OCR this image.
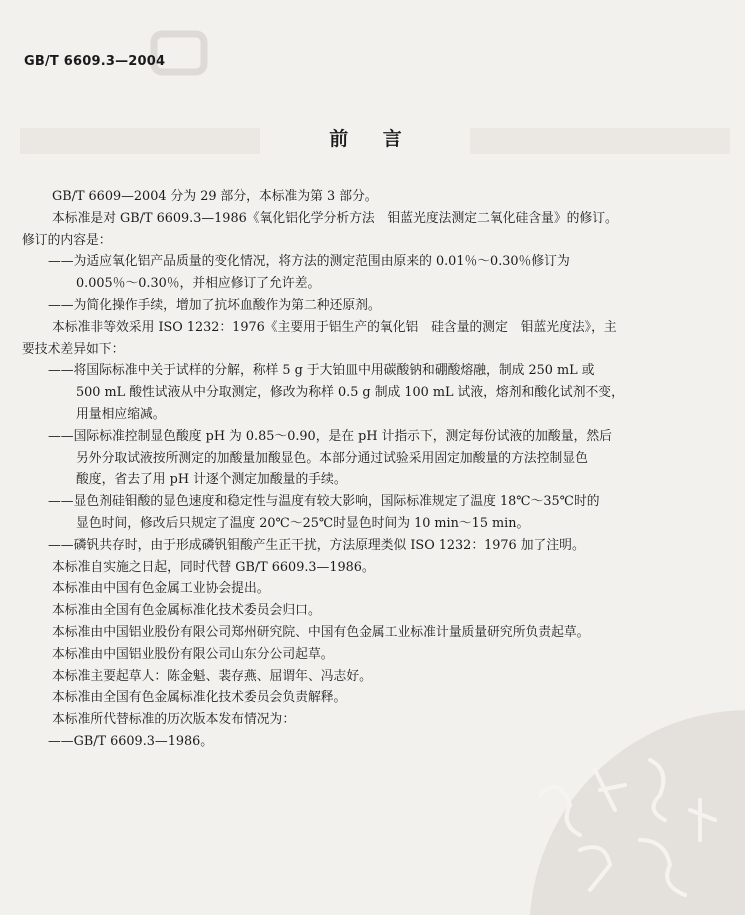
GB/T 6609.3—2004
前 言

GB/T 6609—2004 分为 29 部分，本标准为第 3 部分。

本标准是对 GB/T 6609.3—1986《氧化铝化学分析方法　钼蓝光度法测定二氧化硅含量》的修订。

修订的内容是：

——为适应氧化铝产品质量的变化情况，将方法的测定范围由原来的 0.01％～0.30％修订为

0.005％～0.30％，并相应修订了允许差。

——为简化操作手续，增加了抗坏血酸作为第二种还原剂。

本标准非等效采用 ISO 1232：1976《主要用于铝生产的氧化铝　硅含量的测定　钼蓝光度法》，主

要技术差异如下：

——将国际标准中关于试样的分解，称样 5 g 于大铂皿中用碳酸钠和硼酸熔融，制成 250 mL 或

500 mL 酸性试液从中分取测定，修改为称样 0.5 g 制成 100 mL 试液，熔剂和酸化试剂不变，

用量相应缩减。

——国际标准控制显色酸度 pH 为 0.85～0.90，是在 pH 计指示下，测定每份试液的加酸量，然后

另外分取试液按所测定的加酸量加酸显色。本部分通过试验采用固定加酸量的方法控制显色

酸度，省去了用 pH 计逐个测定加酸量的手续。

——显色剂硅钼酸的显色速度和稳定性与温度有较大影响，国际标准规定了温度 18℃～35℃时的

显色时间，修改后只规定了温度 20℃～25℃时显色时间为 10 min～15 min。

——磷钒共存时，由于形成磷钒钼酸产生正干扰，方法原理类似 ISO 1232：1976 加了注明。

本标准自实施之日起，同时代替 GB/T 6609.3—1986。

本标准由中国有色金属工业协会提出。

本标准由全国有色金属标准化技术委员会归口。

本标准由中国铝业股份有限公司郑州研究院、中国有色金属工业标准计量质量研究所负责起草。

本标准由中国铝业股份有限公司山东分公司起草。

本标准主要起草人：陈金魁、裴存燕、屈谓年、冯志好。

本标准由全国有色金属标准化技术委员会负责解释。

本标准所代替标准的历次版本发布情况为：

——GB/T 6609.3—1986。
